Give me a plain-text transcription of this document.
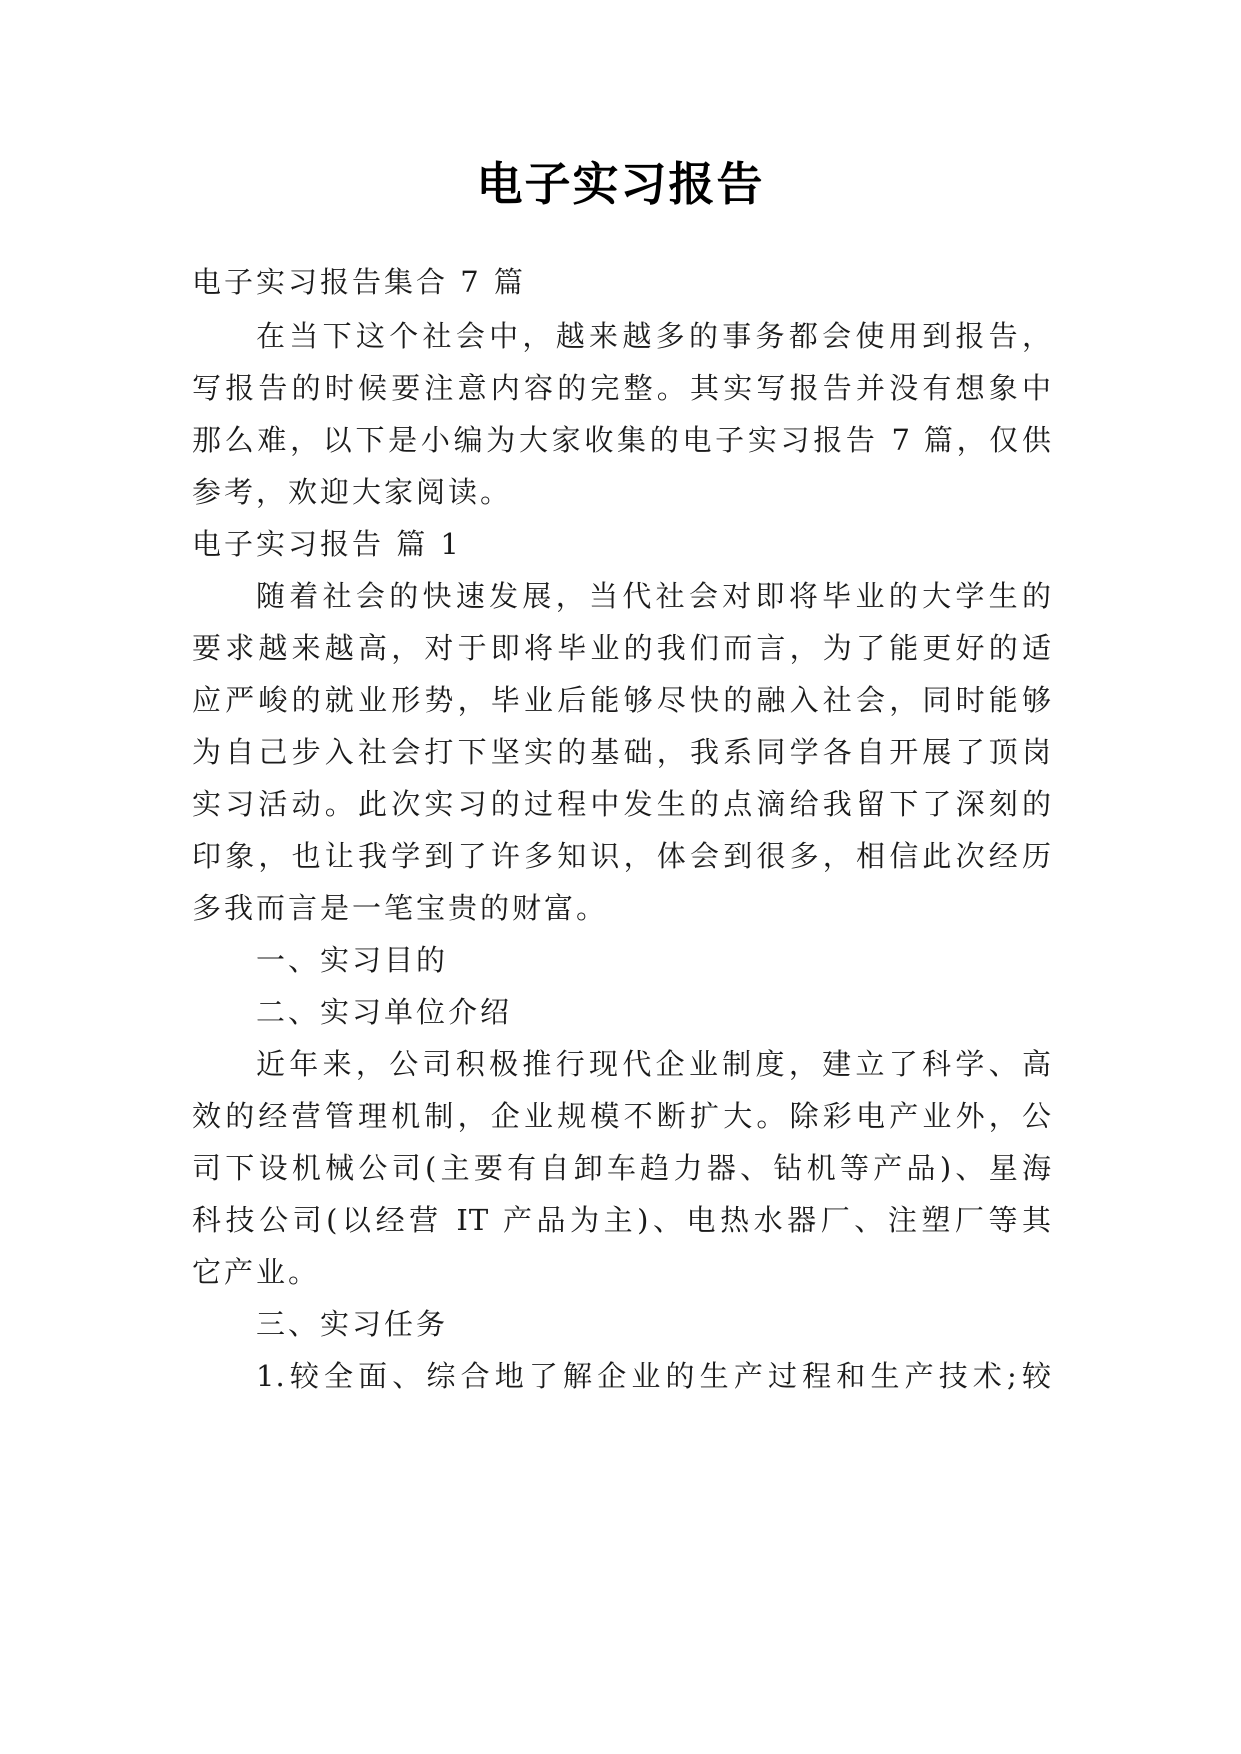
电子实习报告

电子实习报告集合 7 篇

在当下这个社会中，越来越多的事务都会使用到报告，

写报告的时候要注意内容的完整。其实写报告并没有想象中

那么难，以下是小编为大家收集的电子实习报告 7 篇，仅供

参考，欢迎大家阅读。

电子实习报告 篇 1

随着社会的快速发展，当代社会对即将毕业的大学生的

要求越来越高，对于即将毕业的我们而言，为了能更好的适

应严峻的就业形势，毕业后能够尽快的融入社会，同时能够

为自己步入社会打下坚实的基础，我系同学各自开展了顶岗

实习活动。此次实习的过程中发生的点滴给我留下了深刻的

印象，也让我学到了许多知识，体会到很多，相信此次经历

多我而言是一笔宝贵的财富。

一、实习目的

二、实习单位介绍

近年来，公司积极推行现代企业制度，建立了科学、高

效的经营管理机制，企业规模不断扩大。除彩电产业外，公

司下设机械公司(主要有自卸车趋力器、钻机等产品)、星海

科技公司(以经营 IT 产品为主)、电热水器厂、注塑厂等其

它产业。

三、实习任务

1.较全面、综合地了解企业的生产过程和生产技术;较
